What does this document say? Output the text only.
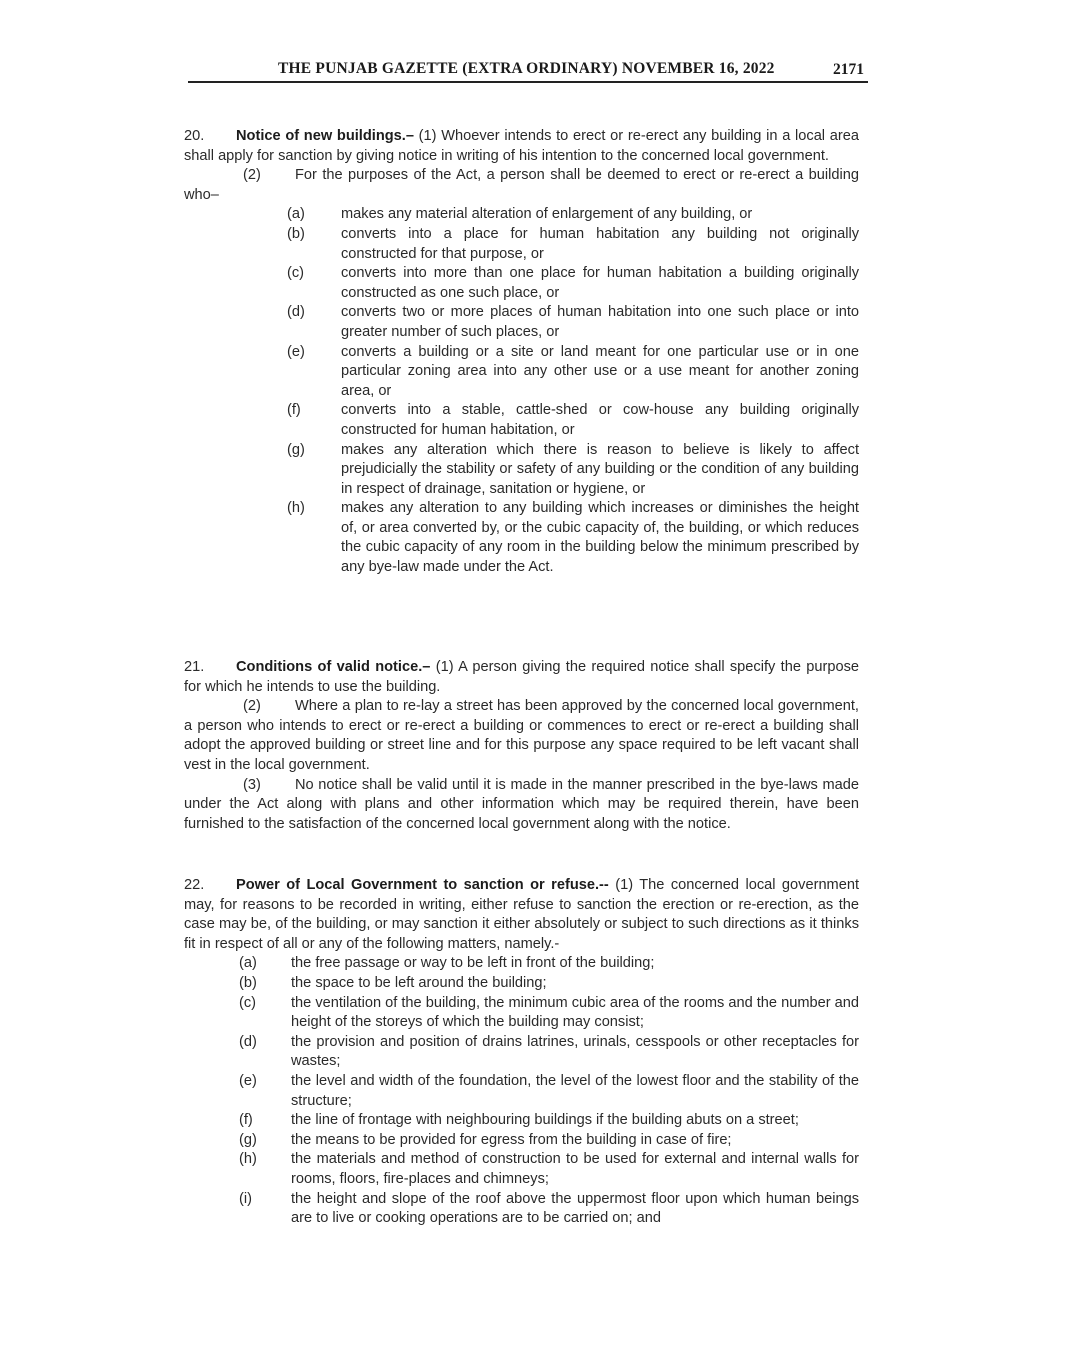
THE PUNJAB GAZETTE (EXTRA ORDINARY) NOVEMBER 16, 2022	2171

20. Notice of new buildings.– (1) Whoever intends to erect or re-erect any building in a local area shall apply for sanction by giving notice in writing of his intention to the concerned local government.

(2) For the purposes of the Act, a person shall be deemed to erect or re-erect a building who–

(a)	makes any material alteration of enlargement of any building, or
(b)	converts into a place for human habitation any building not originally constructed for that purpose, or
(c)	converts into more than one place for human habitation a building originally constructed as one such place, or
(d)	converts two or more places of human habitation into one such place or into greater number of such places, or
(e)	converts a building or a site or land meant for one particular use or in one particular zoning area into any other use or a use meant for another zoning area, or
(f)	converts into a stable, cattle-shed or cow-house any building originally constructed for human habitation, or
(g)	makes any alteration which there is reason to believe is likely to affect prejudicially the stability or safety of any building or the condition of any building in respect of drainage, sanitation or hygiene, or
(h)	makes any alteration to any building which increases or diminishes the height of, or area converted by, or the cubic capacity of, the building, or which reduces the cubic capacity of any room in the building below the minimum prescribed by any bye-law made under the Act.

21. Conditions of valid notice.– (1) A person giving the required notice shall specify the purpose for which he intends to use the building.

(2) Where a plan to re-lay a street has been approved by the concerned local government, a person who intends to erect or re-erect a building or commences to erect or re-erect a building shall adopt the approved building or street line and for this purpose any space required to be left vacant shall vest in the local government.

(3) No notice shall be valid until it is made in the manner prescribed in the bye-laws made under the Act along with plans and other information which may be required therein, have been furnished to the satisfaction of the concerned local government along with the notice.

22. Power of Local Government to sanction or refuse.-- (1) The concerned local government may, for reasons to be recorded in writing, either refuse to sanction the erection or re-erection, as the case may be, of the building, or may sanction it either absolutely or subject to such directions as it thinks fit in respect of all or any of the following matters, namely.-

(a)	the free passage or way to be left in front of the building;
(b)	the space to be left around the building;
(c)	the ventilation of the building, the minimum cubic area of the rooms and the number and height of the storeys of which the building may consist;
(d)	the provision and position of drains latrines, urinals, cesspools or other receptacles for wastes;
(e)	the level and width of the foundation, the level of the lowest floor and the stability of the structure;
(f)	the line of frontage with neighbouring buildings if the building abuts on a street;
(g)	the means to be provided for egress from the building in case of fire;
(h)	the materials and method of construction to be used for external and internal walls for rooms, floors, fire-places and chimneys;
(i)	the height and slope of the roof above the uppermost floor upon which human beings are to live or cooking operations are to be carried on; and
